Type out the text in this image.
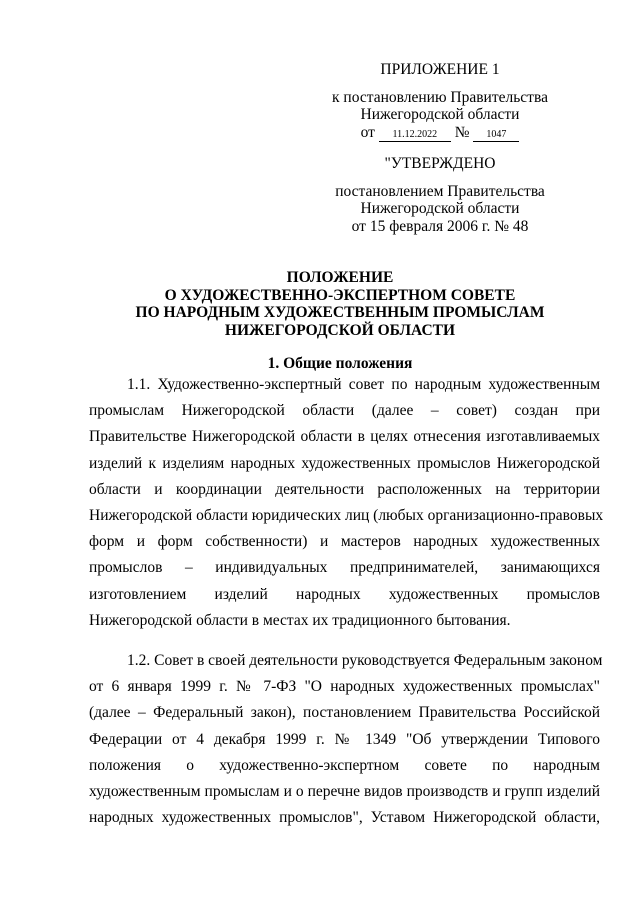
ПРИЛОЖЕНИЕ 1
к постановлению Правительства
Нижегородской области
от 11.12.2022 № 1047
"УТВЕРЖДЕНО
постановлением Правительства
Нижегородской области
от 15 февраля 2006 г. № 48
ПОЛОЖЕНИЕ
О ХУДОЖЕСТВЕННО-ЭКСПЕРТНОМ СОВЕТЕ
ПО НАРОДНЫМ ХУДОЖЕСТВЕННЫМ ПРОМЫСЛАМ
НИЖЕГОРОДСКОЙ ОБЛАСТИ
1. Общие положения
1.1. Художественно-экспертный совет по народным художественным
промыслам Нижегородской области (далее – совет) создан при
Правительстве Нижегородской области в целях отнесения изготавливаемых
изделий к изделиям народных художественных промыслов Нижегородской
области и координации деятельности расположенных на территории
Нижегородской области юридических лиц (любых организационно-правовых
форм и форм собственности) и мастеров народных художественных
промыслов – индивидуальных предпринимателей, занимающихся
изготовлением изделий народных художественных промыслов
Нижегородской области в местах их традиционного бытования.
1.2. Совет в своей деятельности руководствуется Федеральным законом
от 6 января 1999 г. № 7-ФЗ "О народных художественных промыслах"
(далее – Федеральный закон), постановлением Правительства Российской
Федерации от 4 декабря 1999 г. № 1349 "Об утверждении Типового
положения о художественно-экспертном совете по народным
художественным промыслам и о перечне видов производств и групп изделий
народных художественных промыслов", Уставом Нижегородской области,
